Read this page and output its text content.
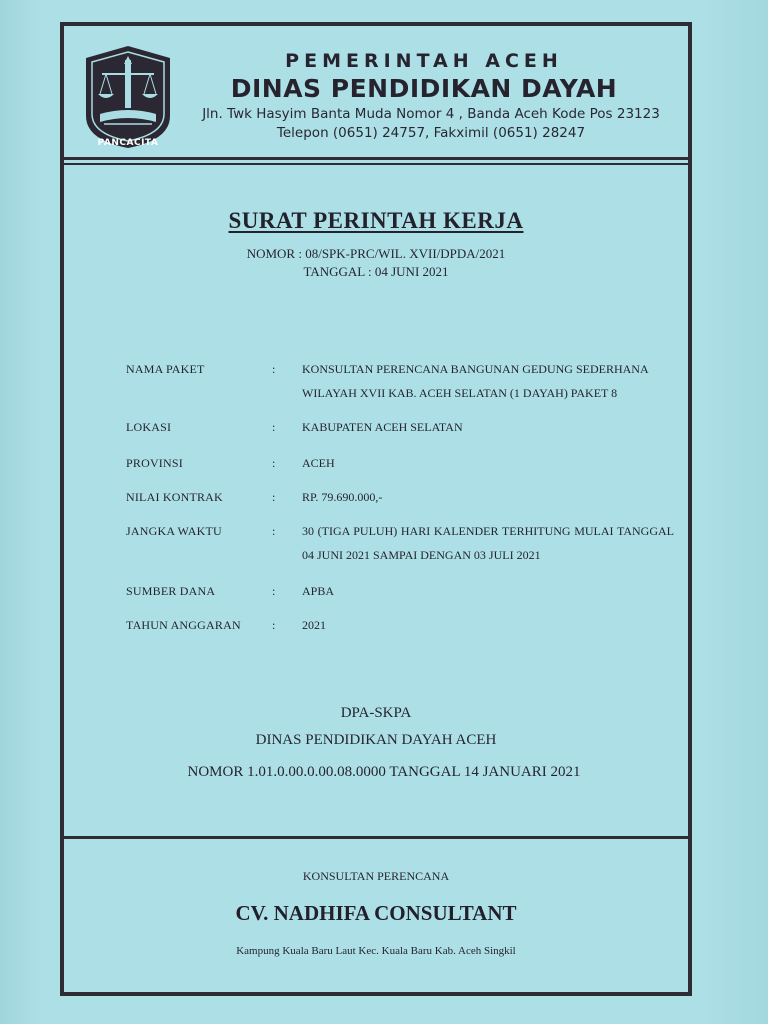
PANCACITA
PEMERINTAH ACEH
DINAS PENDIDIKAN DAYAH
Jln. Twk Hasyim Banta Muda Nomor 4 , Banda Aceh Kode Pos 23123
Telepon (0651) 24757, Fakximil (0651) 28247
SURAT PERINTAH KERJA
NOMOR : 08/SPK-PRC/WIL. XVII/DPDA/2021
TANGGAL : 04 JUNI 2021
NAMA PAKET	: KONSULTAN PERENCANA BANGUNAN GEDUNG SEDERHANA WILAYAH XVII KAB. ACEH SELATAN (1 DAYAH) PAKET 8
LOKASI	: KABUPATEN ACEH SELATAN
PROVINSI	: ACEH
NILAI KONTRAK	: RP. 79.690.000,-
JANGKA WAKTU	: 30 (TIGA PULUH) HARI KALENDER TERHITUNG MULAI TANGGAL 04 JUNI 2021 SAMPAI DENGAN 03 JULI 2021
SUMBER DANA	: APBA
TAHUN ANGGARAN	: 2021
DPA-SKPA
DINAS PENDIDIKAN DAYAH ACEH
NOMOR 1.01.0.00.0.00.08.0000 TANGGAL 14 JANUARI 2021
KONSULTAN PERENCANA
CV. NADHIFA CONSULTANT
Kampung Kuala Baru Laut Kec. Kuala Baru Kab. Aceh Singkil
